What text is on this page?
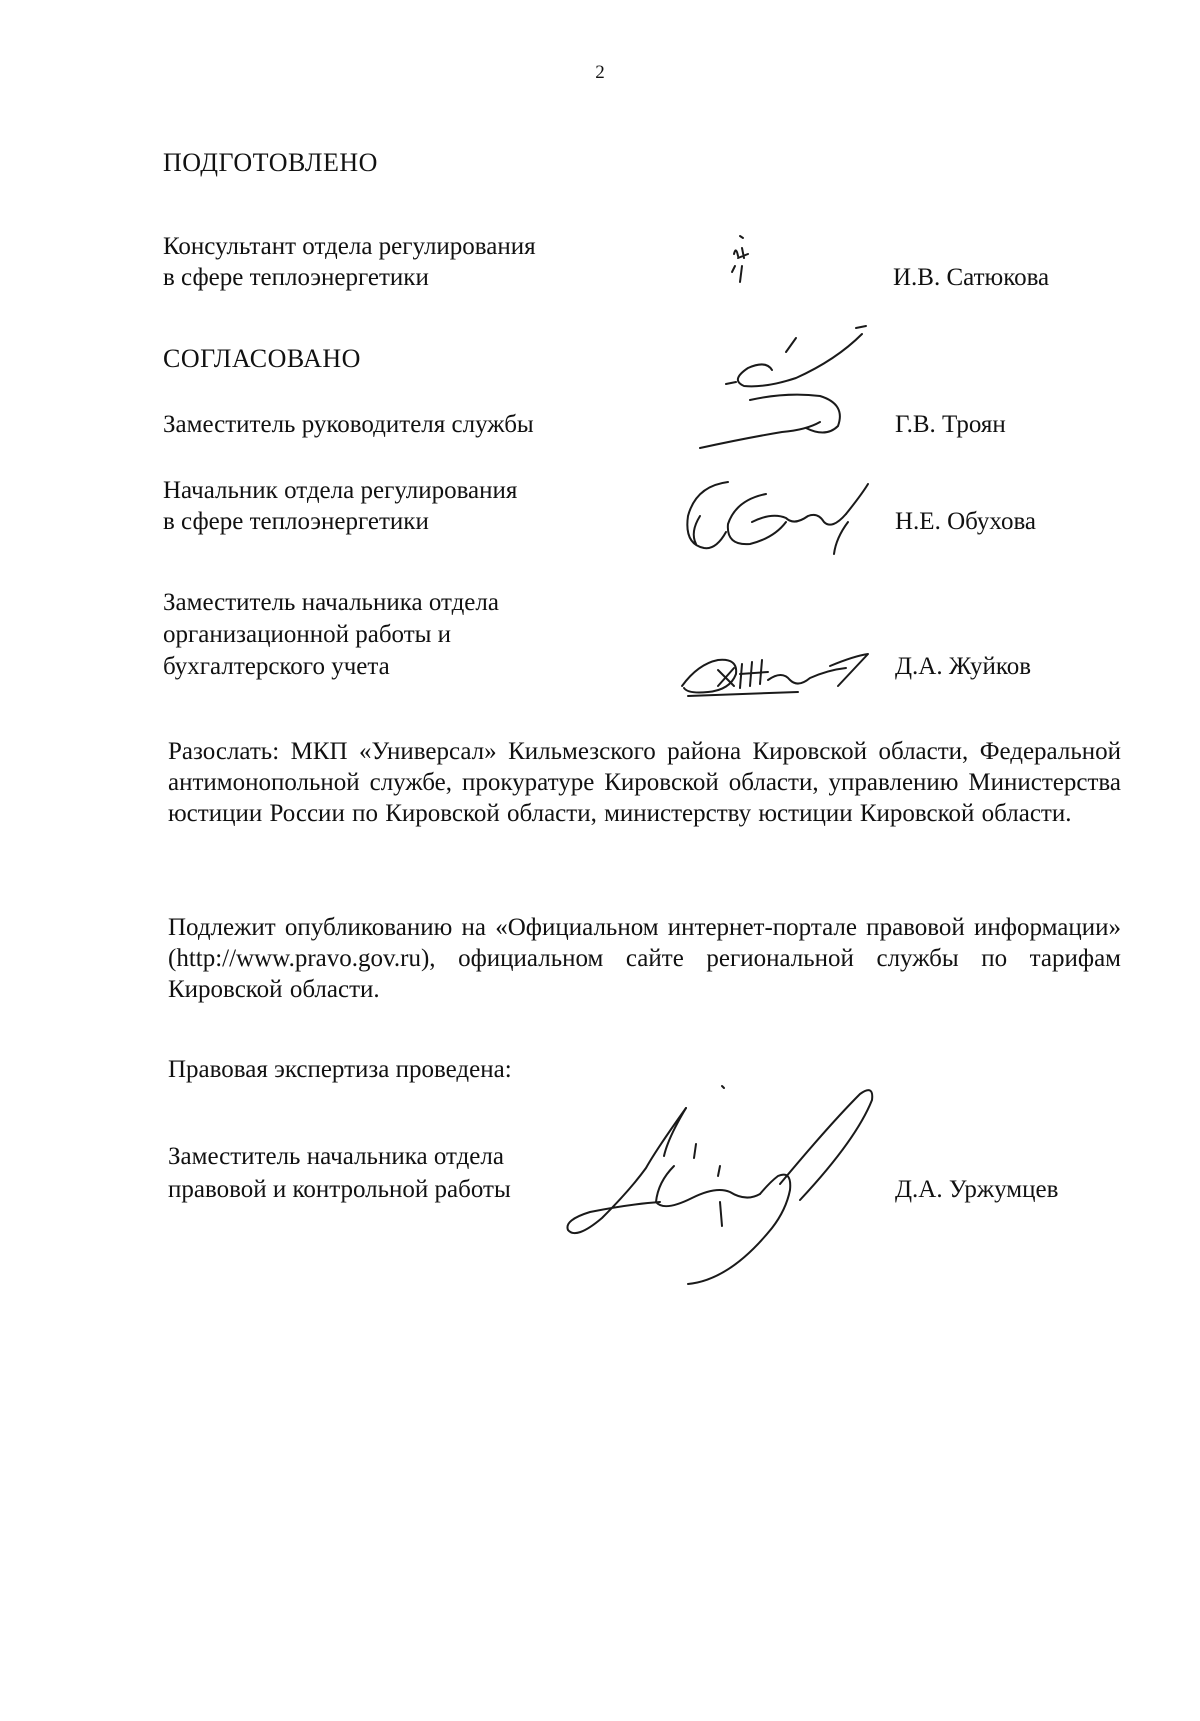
2
ПОДГОТОВЛЕНО
Консультант отдела регулирования
в сфере теплоэнергетики	И.В. Сатюкова
СОГЛАСОВАНО
Заместитель руководителя службы	Г.В. Троян
Начальник отдела регулирования
в сфере теплоэнергетики	Н.Е. Обухова
Заместитель начальника отдела
организационной работы и
бухгалтерского учета	Д.А. Жуйков
Разослать: МКП «Универсал» Кильмезского района Кировской области, Федеральной антимонопольной службе, прокуратуре Кировской области, управлению Министерства юстиции России по Кировской области, министерству юстиции Кировской области.
Подлежит опубликованию на «Официальном интернет-портале правовой информации» (http://www.pravo.gov.ru), официальном сайте региональной службы по тарифам Кировской области.
Правовая экспертиза проведена:
Заместитель начальника отдела
правовой и контрольной работы	Д.А. Уржумцев
